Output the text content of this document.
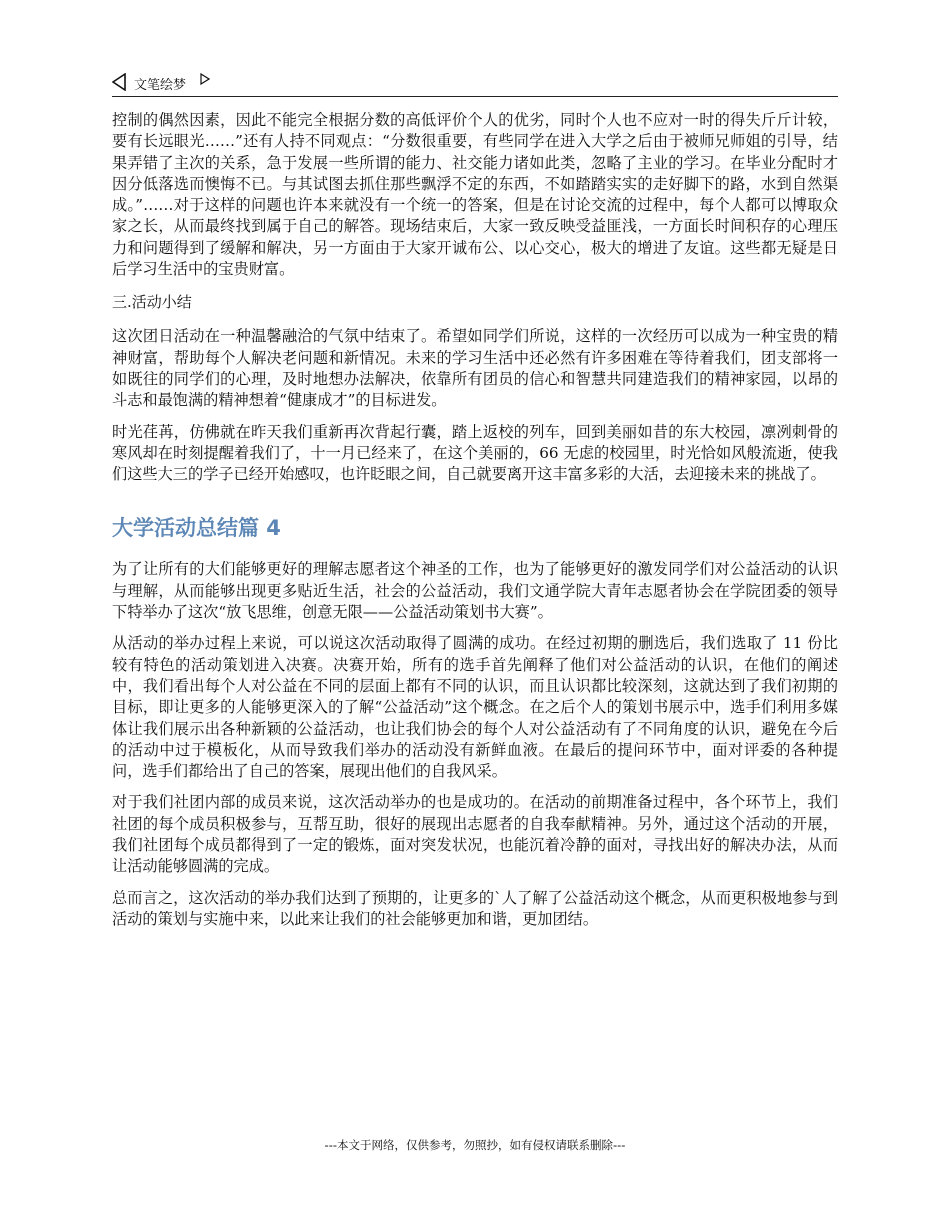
文笔绘梦

控制的偶然因素，因此不能完全根据分数的高低评价个人的优劣，同时个人也不应对一时的得失斤斤计较，要有长远眼光……”还有人持不同观点：“分数很重要，有些同学在进入大学之后由于被师兄师姐的引导，结果弄错了主次的关系，急于发展一些所谓的能力、社交能力诸如此类，忽略了主业的学习。在毕业分配时才因分低落选而懊悔不已。与其试图去抓住那些飘浮不定的东西，不如踏踏实实的走好脚下的路，水到自然渠成。”……对于这样的问题也许本来就没有一个统一的答案，但是在讨论交流的过程中，每个人都可以博取众家之长，从而最终找到属于自己的解答。现场结束后，大家一致反映受益匪浅，一方面长时间积存的心理压力和问题得到了缓解和解决，另一方面由于大家开诚布公、以心交心，极大的增进了友谊。这些都无疑是日后学习生活中的宝贵财富。

三.活动小结

这次团日活动在一种温馨融洽的气氛中结束了。希望如同学们所说，这样的一次经历可以成为一种宝贵的精神财富，帮助每个人解决老问题和新情况。未来的学习生活中还必然有许多困难在等待着我们，团支部将一如既往的同学们的心理，及时地想办法解决，依靠所有团员的信心和智慧共同建造我们的精神家园，以昂的斗志和最饱满的精神想着“健康成才”的目标进发。

时光荏苒，仿佛就在昨天我们重新再次背起行囊，踏上返校的列车，回到美丽如昔的东大校园，凛冽刺骨的寒风却在时刻提醒着我们了，十一月已经来了，在这个美丽的，66 无虑的校园里，时光恰如风般流逝，使我们这些大三的学子已经开始感叹，也许眨眼之间，自己就要离开这丰富多彩的大活，去迎接未来的挑战了。

大学活动总结篇 4

为了让所有的大们能够更好的理解志愿者这个神圣的工作，也为了能够更好的激发同学们对公益活动的认识与理解，从而能够出现更多贴近生活，社会的公益活动，我们文通学院大青年志愿者协会在学院团委的领导下特举办了这次“放飞思维，创意无限——公益活动策划书大赛”。

从活动的举办过程上来说，可以说这次活动取得了圆满的成功。在经过初期的删选后，我们选取了 11 份比较有特色的活动策划进入决赛。决赛开始，所有的选手首先阐释了他们对公益活动的认识，在他们的阐述中，我们看出每个人对公益在不同的层面上都有不同的认识，而且认识都比较深刻，这就达到了我们初期的目标，即让更多的人能够更深入的了解“公益活动”这个概念。在之后个人的策划书展示中，选手们利用多媒体让我们展示出各种新颖的公益活动，也让我们协会的每个人对公益活动有了不同角度的认识，避免在今后的活动中过于模板化，从而导致我们举办的活动没有新鲜血液。在最后的提问环节中，面对评委的各种提问，选手们都给出了自己的答案，展现出他们的自我风采。

对于我们社团内部的成员来说，这次活动举办的也是成功的。在活动的前期准备过程中，各个环节上，我们社团的每个成员积极参与，互帮互助，很好的展现出志愿者的自我奉献精神。另外，通过这个活动的开展，我们社团每个成员都得到了一定的锻炼，面对突发状况，也能沉着冷静的面对，寻找出好的解决办法，从而让活动能够圆满的完成。

总而言之，这次活动的举办我们达到了预期的，让更多的`人了解了公益活动这个概念，从而更积极地参与到活动的策划与实施中来，以此来让我们的社会能够更加和谐，更加团结。

---本文于网络，仅供参考，勿照抄，如有侵权请联系删除---
